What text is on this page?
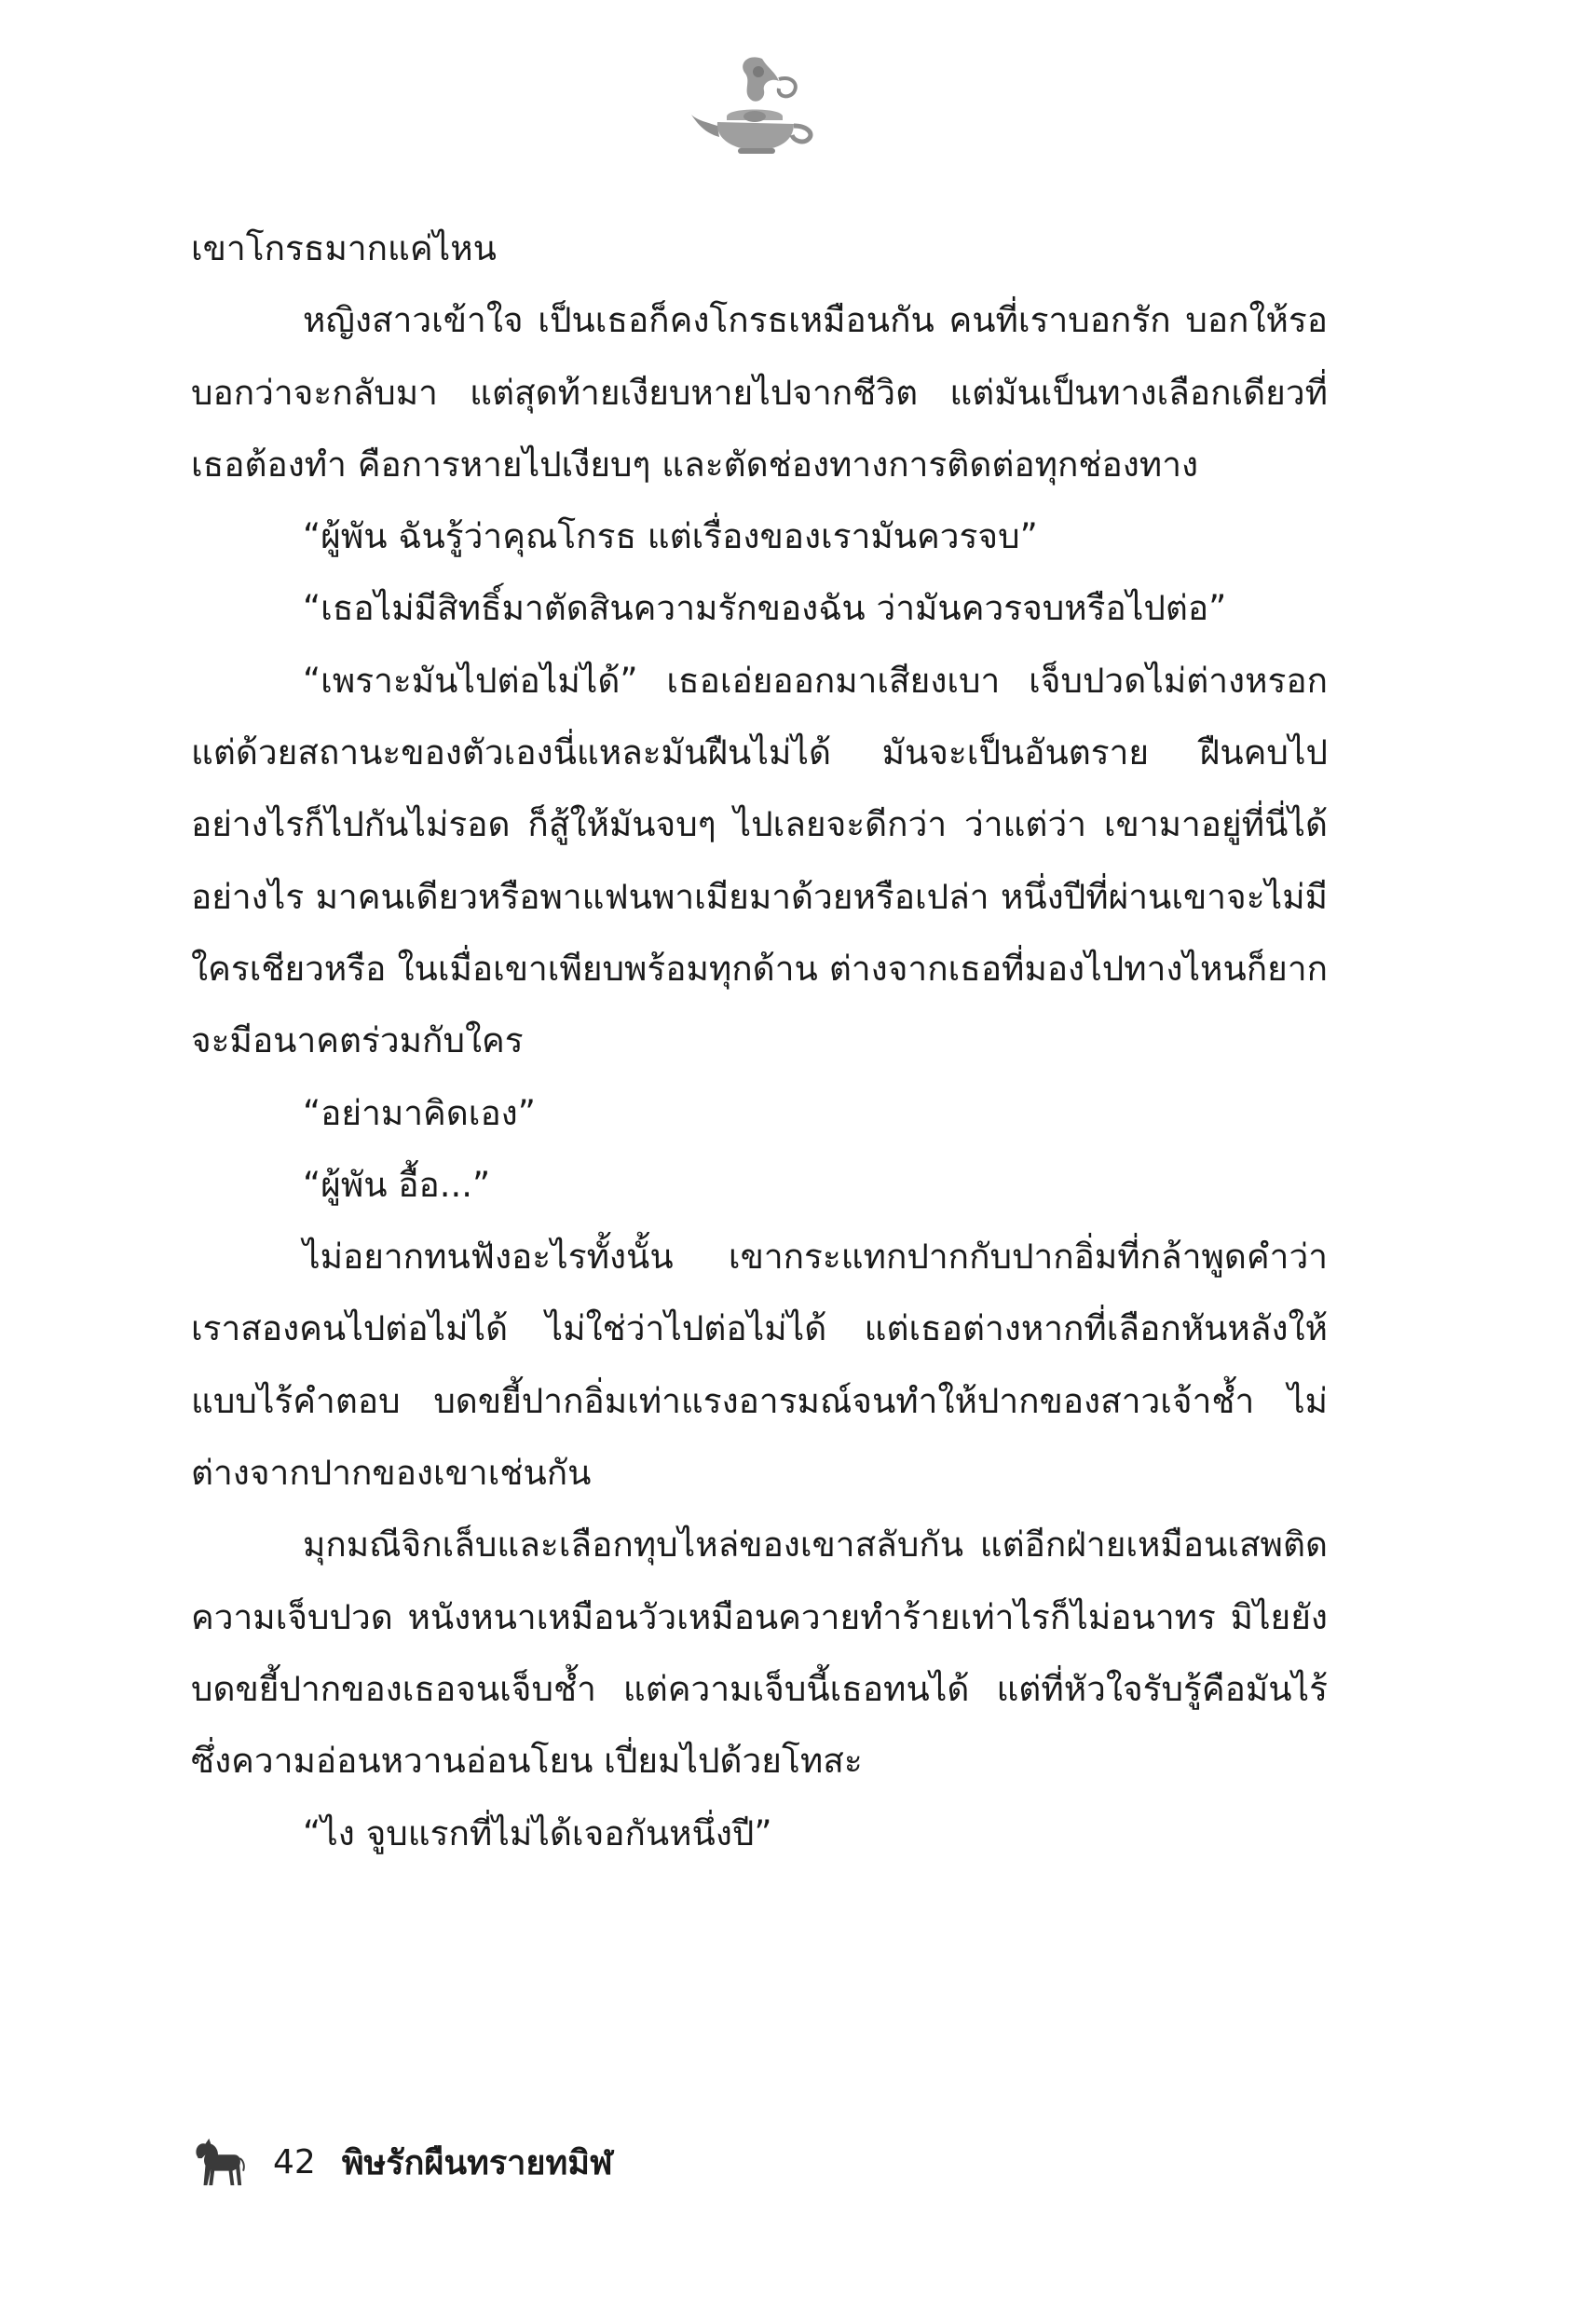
เขาโกรธมากแค่ไหน

หญิงสาวเข้าใจ เป็นเธอก็คงโกรธเหมือนกัน คนที่เราบอกรัก บอกให้รอ บอกว่าจะกลับมา แต่สุดท้ายเงียบหายไปจากชีวิต แต่มันเป็นทางเลือกเดียวที่เธอต้องทำ คือการหายไปเงียบๆ และตัดช่องทางการติดต่อทุกช่องทาง

“ผู้พัน ฉันรู้ว่าคุณโกรธ แต่เรื่องของเรามันควรจบ”

“เธอไม่มีสิทธิ์มาตัดสินความรักของฉัน ว่ามันควรจบหรือไปต่อ”

“เพราะมันไปต่อไม่ได้” เธอเอ่ยออกมาเสียงเบา เจ็บปวดไม่ต่างหรอก แต่ด้วยสถานะของตัวเองนี่แหละมันฝืนไม่ได้ มันจะเป็นอันตราย ฝืนคบไปอย่างไรก็ไปกันไม่รอด ก็สู้ให้มันจบๆ ไปเลยจะดีกว่า ว่าแต่ว่า เขามาอยู่ที่นี่ได้อย่างไร มาคนเดียวหรือพาแฟนพาเมียมาด้วยหรือเปล่า หนึ่งปีที่ผ่านเขาจะไม่มีใครเชียวหรือ ในเมื่อเขาเพียบพร้อมทุกด้าน ต่างจากเธอที่มองไปทางไหนก็ยากจะมีอนาคตร่วมกับใคร

“อย่ามาคิดเอง”

“ผู้พัน อื้อ...”

ไม่อยากทนฟังอะไรทั้งนั้น เขากระแทกปากกับปากอิ่มที่กล้าพูดคำว่าเราสองคนไปต่อไม่ได้ ไม่ใช่ว่าไปต่อไม่ได้ แต่เธอต่างหากที่เลือกหันหลังให้แบบไร้คำตอบ บดขยี้ปากอิ่มเท่าแรงอารมณ์จนทำให้ปากของสาวเจ้าช้ำ ไม่ต่างจากปากของเขาเช่นกัน

มุกมณีจิกเล็บและเลือกทุบไหล่ของเขาสลับกัน แต่อีกฝ่ายเหมือนเสพติดความเจ็บปวด หนังหนาเหมือนวัวเหมือนควายทำร้ายเท่าไรก็ไม่อนาทร มิไยยังบดขยี้ปากของเธอจนเจ็บช้ำ แต่ความเจ็บนี้เธอทนได้ แต่ที่หัวใจรับรู้คือมันไร้ซึ่งความอ่อนหวานอ่อนโยน เปี่ยมไปด้วยโทสะ

“ไง จูบแรกที่ไม่ได้เจอกันหนึ่งปี”

42 พิษรักผืนทรายทมิฬ
